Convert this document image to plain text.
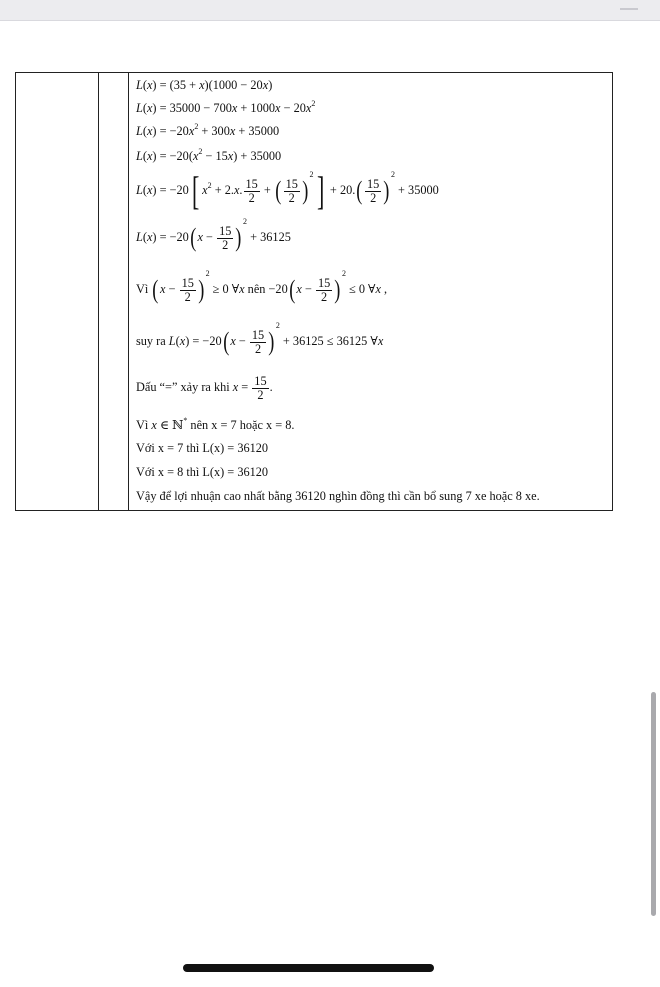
L(x) = (35 + x)(1000 − 20x)
$L(x) = 35000 - 700x + 1000x - 20x^2$
$L(x) = -20x^2 + 300x + 35000$
$L(x) = -20(x^2 - 15x) + 35000$
L(x) = −20[ $x^2 + 2.x$. $\frac{15}{2}$ + ( $\frac{15}{2} )^2] + 20.( \frac{15}{2} )^2 + 35000$
$L(x) = -20(x - \frac{15}{2} )^2 + 36125$
Vì $(x - \frac{15}{2} )^2 \ge 0$ ∀x nên $-20(x - \frac{15}{2} )^2 \le 0$ ∀x ,
suy ra $L(x) = -20(x - \frac{15}{2} )^2 + 36125 \le 36125$ ∀x
Dấu “=” xảy ra khi $x = \frac{15}{2}$ .
Vì x ∈ ℕ* nên x = 7 hoặc x = 8.
Với x = 7 thì L(x) = 36120
Với x = 8 thì L(x) = 36120
Vậy để lợi nhuận cao nhất bằng 36120 nghìn đồng thì cần bổ sung 7 xe hoặc 8 xe.
